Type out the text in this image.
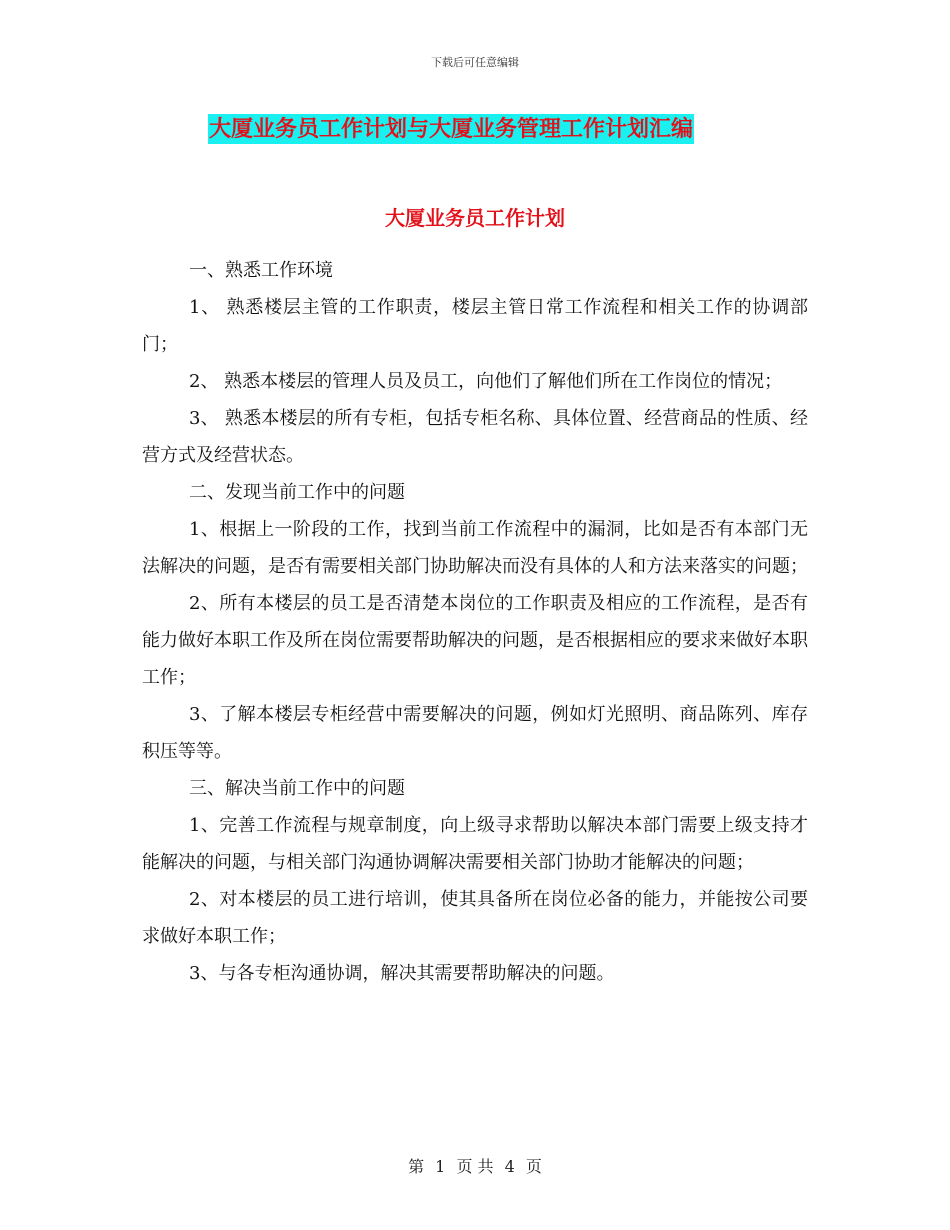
下载后可任意编辑
大厦业务员工作计划与大厦业务管理工作计划汇编
大厦业务员工作计划

一、熟悉工作环境

1、 熟悉楼层主管的工作职责，楼层主管日常工作流程和相关工作的协调部门；

2、 熟悉本楼层的管理人员及员工，向他们了解他们所在工作岗位的情况；

3、 熟悉本楼层的所有专柜，包括专柜名称、具体位置、经营商品的性质、经营方式及经营状态。

二、发现当前工作中的问题

1、根据上一阶段的工作，找到当前工作流程中的漏洞，比如是否有本部门无法解决的问题，是否有需要相关部门协助解决而没有具体的人和方法来落实的问题；

2、所有本楼层的员工是否清楚本岗位的工作职责及相应的工作流程，是否有能力做好本职工作及所在岗位需要帮助解决的问题，是否根据相应的要求来做好本职工作；

3、了解本楼层专柜经营中需要解决的问题，例如灯光照明、商品陈列、库存积压等等。

三、解决当前工作中的问题

1、完善工作流程与规章制度，向上级寻求帮助以解决本部门需要上级支持才能解决的问题，与相关部门沟通协调解决需要相关部门协助才能解决的问题；

2、对本楼层的员工进行培训，使其具备所在岗位必备的能力，并能按公司要求做好本职工作；

3、与各专柜沟通协调，解决其需要帮助解决的问题。

第 1 页 共 4 页
